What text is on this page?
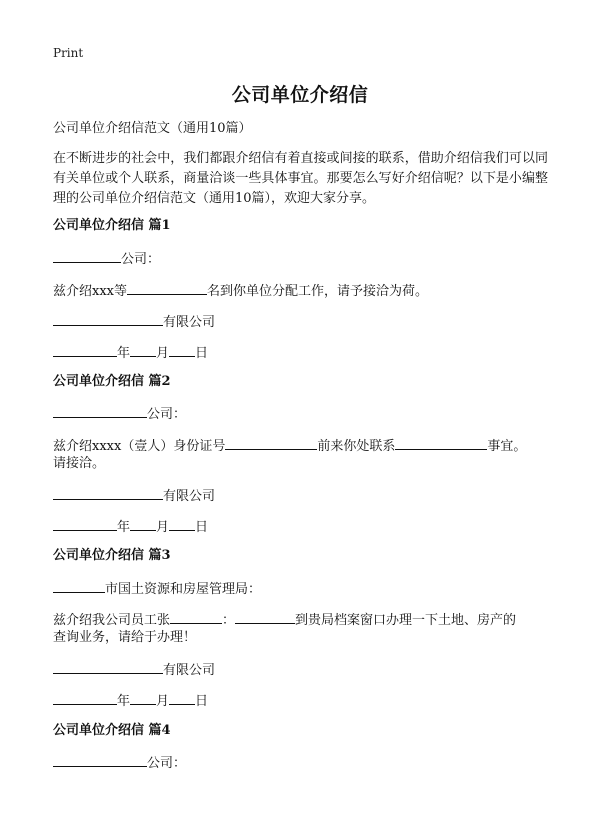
Print
公司单位介绍信
公司单位介绍信范文（通用10篇）
在不断进步的社会中，我们都跟介绍信有着直接或间接的联系，借助介绍信我们可以同有关单位或个人联系，商量洽谈一些具体事宜。那要怎么写好介绍信呢？以下是小编整理的公司单位介绍信范文（通用10篇），欢迎大家分享。
公司单位介绍信 篇1
公司：
兹介绍xxx等	名到你单位分配工作，请予接洽为荷。
有限公司
年 月 日
公司单位介绍信 篇2
公司：
兹介绍xxxx（壹人）身份证号	前来你处联系	事宜。
请接洽。
有限公司
年 月 日
公司单位介绍信 篇3
市国土资源和房屋管理局：
兹介绍我公司员工张	：	到贵局档案窗口办理一下土地、房产的
查询业务，请给于办理！
有限公司
年 月 日
公司单位介绍信 篇4
公司：
